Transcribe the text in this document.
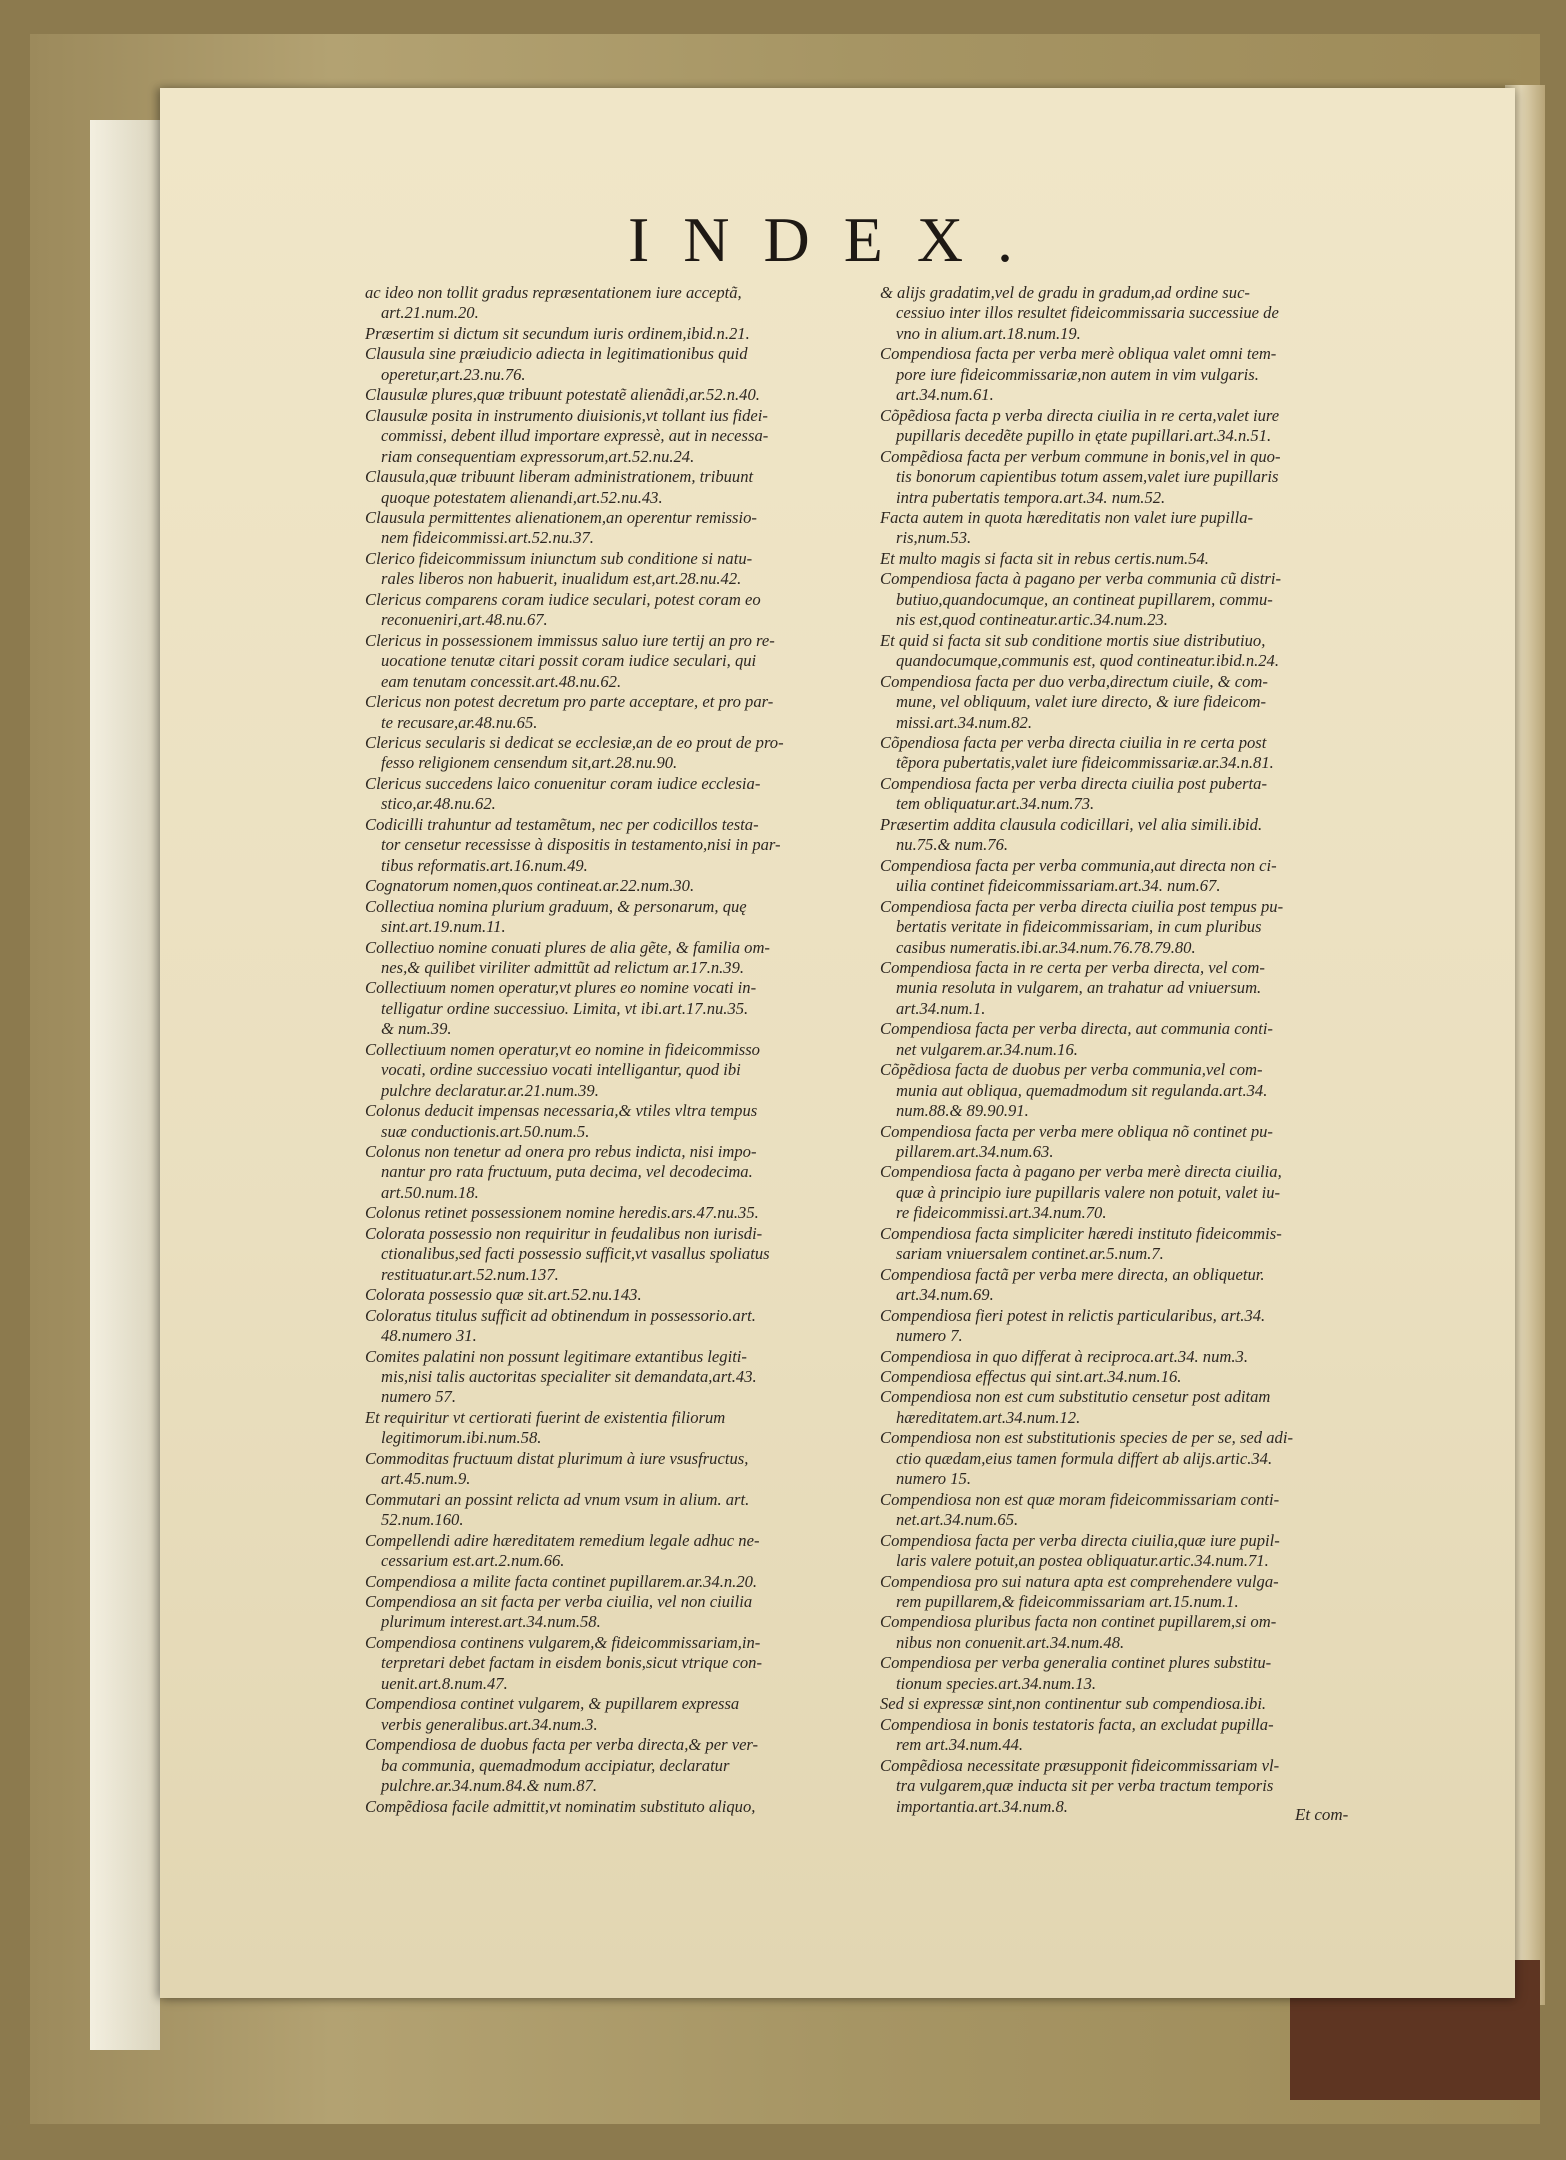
INDEX.
ac ideo non tollit gradus repræsentationem iure acceptã,
art.21.num.20.
Præsertim si dictum sit secundum iuris ordinem,ibid.n.21.
Clausula sine præiudicio adiecta in legitimationibus quid
operetur,art.23.nu.76.
Clausulæ plures,quæ tribuunt potestatẽ alienãdi,ar.52.n.40.
Clausulæ posita in instrumento diuisionis,vt tollant ius fidei-
commissi, debent illud importare expressè, aut in necessa-
riam consequentiam expressorum,art.52.nu.24.
Clausula,quæ tribuunt liberam administrationem, tribuunt
quoque potestatem alienandi,art.52.nu.43.
Clausula permittentes alienationem,an operentur remissio-
nem fideicommissi.art.52.nu.37.
Clerico fideicommissum iniunctum sub conditione si natu-
rales liberos non habuerit, inualidum est,art.28.nu.42.
Clericus comparens coram iudice seculari, potest coram eo
reconueniri,art.48.nu.67.
Clericus in possessionem immissus saluo iure tertij an pro re-
uocatione tenutæ citari possit coram iudice seculari, qui
eam tenutam concessit.art.48.nu.62.
Clericus non potest decretum pro parte acceptare, et pro par-
te recusare,ar.48.nu.65.
Clericus secularis si dedicat se ecclesiæ,an de eo prout de pro-
fesso religionem censendum sit,art.28.nu.90.
Clericus succedens laico conuenitur coram iudice ecclesia-
stico,ar.48.nu.62.
Codicilli trahuntur ad testamẽtum, nec per codicillos testa-
tor censetur recessisse à dispositis in testamento,nisi in par-
tibus reformatis.art.16.num.49.
Cognatorum nomen,quos contineat.ar.22.num.30.
Collectiua nomina plurium graduum, & personarum, quę
sint.art.19.num.11.
Collectiuo nomine conuati plures de alia gẽte, & familia om-
nes,& quilibet viriliter admittũt ad relictum ar.17.n.39.
Collectiuum nomen operatur,vt plures eo nomine vocati in-
telligatur ordine successiuo. Limita, vt ibi.art.17.nu.35.
& num.39.
Collectiuum nomen operatur,vt eo nomine in fideicommisso
vocati, ordine successiuo vocati intelligantur, quod ibi
pulchre declaratur.ar.21.num.39.
Colonus deducit impensas necessaria,& vtiles vltra tempus
suæ conductionis.art.50.num.5.
Colonus non tenetur ad onera pro rebus indicta, nisi impo-
nantur pro rata fructuum, puta decima, vel decodecima.
art.50.num.18.
Colonus retinet possessionem nomine heredis.ars.47.nu.35.
Colorata possessio non requiritur in feudalibus non iurisdi-
ctionalibus,sed facti possessio sufficit,vt vasallus spoliatus
restituatur.art.52.num.137.
Colorata possessio quæ sit.art.52.nu.143.
Coloratus titulus sufficit ad obtinendum in possessorio.art.
48.numero 31.
Comites palatini non possunt legitimare extantibus legiti-
mis,nisi talis auctoritas specialiter sit demandata,art.43.
numero 57.
Et requiritur vt certiorati fuerint de existentia filiorum
legitimorum.ibi.num.58.
Commoditas fructuum distat plurimum à iure vsusfructus,
art.45.num.9.
Commutari an possint relicta ad vnum vsum in alium. art.
52.num.160.
Compellendi adire hæreditatem remedium legale adhuc ne-
cessarium est.art.2.num.66.
Compendiosa a milite facta continet pupillarem.ar.34.n.20.
Compendiosa an sit facta per verba ciuilia, vel non ciuilia
plurimum interest.art.34.num.58.
Compendiosa continens vulgarem,& fideicommissariam,in-
terpretari debet factam in eisdem bonis,sicut vtrique con-
uenit.art.8.num.47.
Compendiosa continet vulgarem, & pupillarem expressa
verbis generalibus.art.34.num.3.
Compendiosa de duobus facta per verba directa,& per ver-
ba communia, quemadmodum accipiatur, declaratur
pulchre.ar.34.num.84.& num.87.
Compẽdiosa facile admittit,vt nominatim substituto aliquo,
& alijs gradatim,vel de gradu in gradum,ad ordine suc-
cessiuo inter illos resultet fideicommissaria successiue de
vno in alium.art.18.num.19.
Compendiosa facta per verba merè obliqua valet omni tem-
pore iure fideicommissariæ,non autem in vim vulgaris.
art.34.num.61.
Cõpẽdiosa facta p verba directa ciuilia in re certa,valet iure
pupillaris decedẽte pupillo in ętate pupillari.art.34.n.51.
Compẽdiosa facta per verbum commune in bonis,vel in quo-
tis bonorum capientibus totum assem,valet iure pupillaris
intra pubertatis tempora.art.34. num.52.
Facta autem in quota hæreditatis non valet iure pupilla-
ris,num.53.
Et multo magis si facta sit in rebus certis.num.54.
Compendiosa facta à pagano per verba communia cũ distri-
butiuo,quandocumque, an contineat pupillarem, commu-
nis est,quod contineatur.artic.34.num.23.
Et quid si facta sit sub conditione mortis siue distributiuo,
quandocumque,communis est, quod contineatur.ibid.n.24.
Compendiosa facta per duo verba,directum ciuile, & com-
mune, vel obliquum, valet iure directo, & iure fideicom-
missi.art.34.num.82.
Cõpendiosa facta per verba directa ciuilia in re certa post
tẽpora pubertatis,valet iure fideicommissariæ.ar.34.n.81.
Compendiosa facta per verba directa ciuilia post puberta-
tem obliquatur.art.34.num.73.
Præsertim addita clausula codicillari, vel alia simili.ibid.
nu.75.& num.76.
Compendiosa facta per verba communia,aut directa non ci-
uilia continet fideicommissariam.art.34. num.67.
Compendiosa facta per verba directa ciuilia post tempus pu-
bertatis veritate in fideicommissariam, in cum pluribus
casibus numeratis.ibi.ar.34.num.76.78.79.80.
Compendiosa facta in re certa per verba directa, vel com-
munia resoluta in vulgarem, an trahatur ad vniuersum.
art.34.num.1.
Compendiosa facta per verba directa, aut communia conti-
net vulgarem.ar.34.num.16.
Cõpẽdiosa facta de duobus per verba communia,vel com-
munia aut obliqua, quemadmodum sit regulanda.art.34.
num.88.& 89.90.91.
Compendiosa facta per verba mere obliqua nõ continet pu-
pillarem.art.34.num.63.
Compendiosa facta à pagano per verba merè directa ciuilia,
quæ à principio iure pupillaris valere non potuit, valet iu-
re fideicommissi.art.34.num.70.
Compendiosa facta simpliciter hæredi instituto fideicommis-
sariam vniuersalem continet.ar.5.num.7.
Compendiosa factã per verba mere directa, an obliquetur.
art.34.num.69.
Compendiosa fieri potest in relictis particularibus, art.34.
numero 7.
Compendiosa in quo differat à reciproca.art.34. num.3.
Compendiosa effectus qui sint.art.34.num.16.
Compendiosa non est cum substitutio censetur post aditam
hæreditatem.art.34.num.12.
Compendiosa non est substitutionis species de per se, sed adi-
ctio quædam,eius tamen formula differt ab alijs.artic.34.
numero 15.
Compendiosa non est quæ moram fideicommissariam conti-
net.art.34.num.65.
Compendiosa facta per verba directa ciuilia,quæ iure pupil-
laris valere potuit,an postea obliquatur.artic.34.num.71.
Compendiosa pro sui natura apta est comprehendere vulga-
rem pupillarem,& fideicommissariam art.15.num.1.
Compendiosa pluribus facta non continet pupillarem,si om-
nibus non conuenit.art.34.num.48.
Compendiosa per verba generalia continet plures substitu-
tionum species.art.34.num.13.
Sed si expressæ sint,non continentur sub compendiosa.ibi.
Compendiosa in bonis testatoris facta, an excludat pupilla-
rem art.34.num.44.
Compẽdiosa necessitate præsupponit fideicommissariam vl-
tra vulgarem,quæ inducta sit per verba tractum temporis
importantia.art.34.num.8.	Et com-
